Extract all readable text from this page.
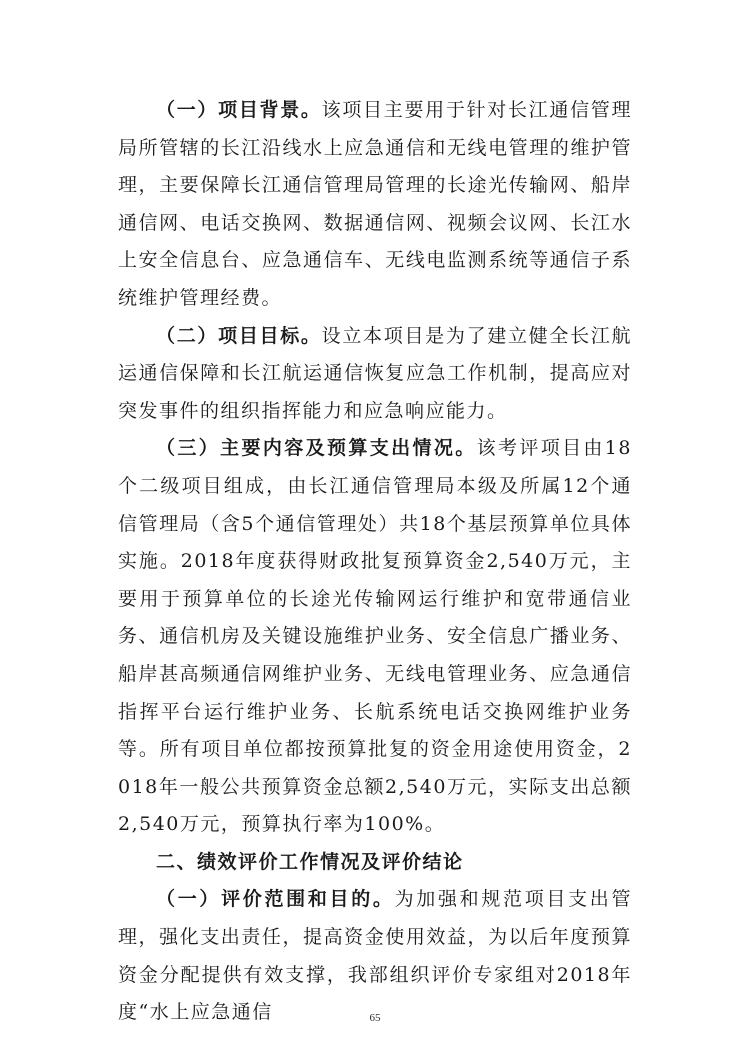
（一）项目背景。该项目主要用于针对长江通信管理局所管辖的长江沿线水上应急通信和无线电管理的维护管理，主要保障长江通信管理局管理的长途光传输网、船岸通信网、电话交换网、数据通信网、视频会议网、长江水上安全信息台、应急通信车、无线电监测系统等通信子系统维护管理经费。

（二）项目目标。设立本项目是为了建立健全长江航运通信保障和长江航运通信恢复应急工作机制，提高应对突发事件的组织指挥能力和应急响应能力。

（三）主要内容及预算支出情况。该考评项目由18个二级项目组成，由长江通信管理局本级及所属12个通信管理局（含5个通信管理处）共18个基层预算单位具体实施。2018年度获得财政批复预算资金2,540万元，主要用于预算单位的长途光传输网运行维护和宽带通信业务、通信机房及关键设施维护业务、安全信息广播业务、船岸甚高频通信网维护业务、无线电管理业务、应急通信指挥平台运行维护业务、长航系统电话交换网维护业务等。所有项目单位都按预算批复的资金用途使用资金，2018年一般公共预算资金总额2,540万元，实际支出总额2,540万元，预算执行率为100%。

二、绩效评价工作情况及评价结论

（一）评价范围和目的。为加强和规范项目支出管理，强化支出责任，提高资金使用效益，为以后年度预算资金分配提供有效支撑，我部组织评价专家组对2018年度“水上应急通信	65
